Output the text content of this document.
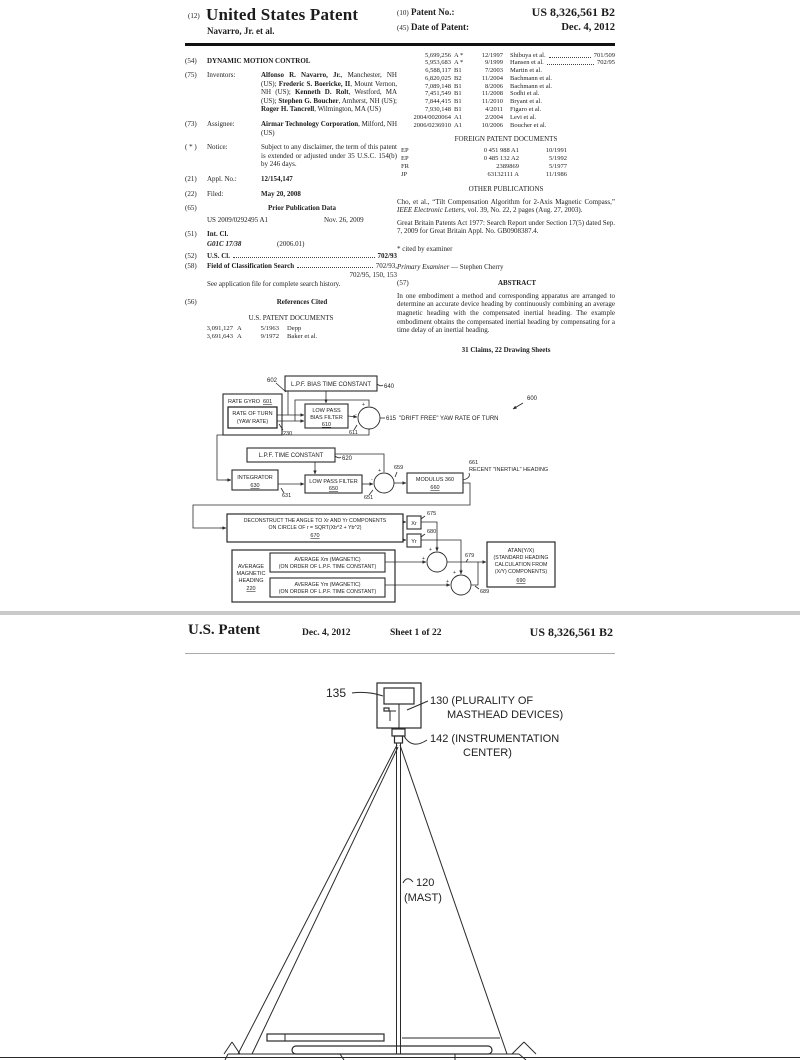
(12) United States Patent
Navarro, Jr. et al.
(10) Patent No.:	US 8,326,561 B2
(45) Date of Patent:	Dec. 4, 2012
(54)	DYNAMIC MOTION CONTROL
(75)	Inventors:	Alfonso R. Navarro, Jr., Manchester, NH (US); Frederic S. Boericke, II, Mount Vernon, NH (US); Kenneth D. Rolt, Westford, MA (US); Stephen G. Boucher, Amherst, NH (US); Roger H. Tancrell, Wilmington, MA (US)
(73)	Assignee:	Airmar Technology Corporation, Milford, NH (US)
( * )	Notice:	Subject to any disclaimer, the term of this patent is extended or adjusted under 35 U.S.C. 154(b) by 246 days.
(21)	Appl. No.:	12/154,147
(22)	Filed:	May 20, 2008
(65)	Prior Publication Data
US 2009/0292495 A1	Nov. 26, 2009
(51)	Int. Cl.
G01C 17/38	(2006.01)
(52)	U.S. Cl.	702/93
(58)	Field of Classification Search	702/93,
702/95, 150, 153
See application file for complete search history.
(56)	References Cited
U.S. PATENT DOCUMENTS
3,091,127 A	5/1963	Depp
3,691,643 A	9/1972	Baker et al.
5,699,256 A *	12/1997	Shibuya et al.	701/509
5,953,683 A *	9/1999	Hansen et al.	702/95
6,588,117 B1	7/2003	Martin et al.
6,820,025 B2	11/2004	Bachmann et al.
7,089,148 B1	8/2006	Bachmann et al.
7,451,549 B1	11/2008	Sodhi et al.
7,844,415 B1	11/2010	Bryant et al.
7,930,148 B1	4/2011	Figaro et al.
2004/0020064 A1	2/2004	Levi et al.
2006/0236910 A1	10/2006	Boucher et al.
FOREIGN PATENT DOCUMENTS
EP	0 451 988 A1	10/1991
EP	0 485 132 A2	5/1992
FR	2389869	5/1977
JP	63132111 A	11/1986
OTHER PUBLICATIONS
Cho, et al., “Tilt Compensation Algorithm for 2-Axis Magnetic Compass,” IEEE Electronic Letters, vol. 39, No. 22, 2 pages (Aug. 27, 2003).
Great Britain Patents Act 1977: Search Report under Section 17(5) dated Sep. 7, 2009 for Great Britain Appl. No. GB0908387.4.
* cited by examiner
Primary Examiner — Stephen Cherry
(57)	ABSTRACT
In one embodiment a method and corresponding apparatus are arranged to determine an accurate device heading by continuously combining an average magnetic heading with the compensated inertial heading. The example embodiment obtains the compensated inertial heading by compensating for a time delay of an inertial heading.
31 Claims, 22 Drawing Sheets
L.P.F. BIAS TIME CONSTANT 640
602
600
RATE GYRO 601
RATE OF TURN
(YAW RATE)
230
LOW PASS
BIAS FILTER
610
+
-
611
615 "DRIFT FREE" YAW RATE OF TURN
L.P.F. TIME CONSTANT	620
INTEGRATOR
630
631
LOW PASS FILTER
650
651
+
-
659
MODULUS 360
660
661
RECENT "INERTIAL" HEADING
DECONSTRUCT THE ANGLE TO Xr AND Yr COMPONENTS
ON CIRCLE OF r = SQRT(Xb^2 + Yb^2)
670
Xr
Yr
675
680
AVERAGE
MAGNETIC
HEADING
220
AVERAGE Xm (MAGNETIC)
(ON ORDER OF L.P.F. TIME CONSTANT)
AVERAGE Ym (MAGNETIC)
(ON ORDER OF L.P.F. TIME CONSTANT)
+
+
+
+
679
689
ATAN(Y/X)
(STANDARD HEADING
CALCULATION FROM
(X/Y) COMPONENTS)
690
U.S. Patent	Dec. 4, 2012	Sheet 1 of 22	US 8,326,561 B2
135
130 (PLURALITY OF
MASTHEAD DEVICES)
142 (INSTRUMENTATION
CENTER)
120
(MAST)
